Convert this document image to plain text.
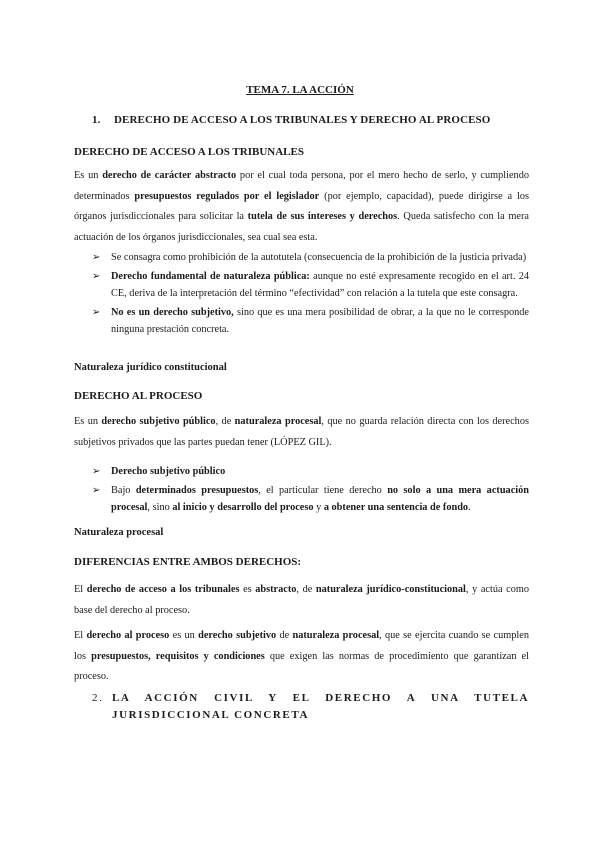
TEMA 7. LA ACCIÓN
1. DERECHO DE ACCESO A LOS TRIBUNALES Y DERECHO AL PROCESO
DERECHO DE ACCESO A LOS TRIBUNALES

Es un derecho de carácter abstracto por el cual toda persona, por el mero hecho de serlo, y cumpliendo determinados presupuestos regulados por el legislador (por ejemplo, capacidad), puede dirigirse a los órganos jurisdiccionales para solicitar la tutela de sus intereses y derechos. Queda satisfecho con la mera actuación de los órganos jurisdiccionales, sea cual sea esta.

➢ Se consagra como prohibición de la autotutela (consecuencia de la prohibición de la justicia privada)
➢ Derecho fundamental de naturaleza pública: aunque no esté expresamente recogido en el art. 24 CE, deriva de la interpretación del término “efectividad” con relación a la tutela que este consagra.
➢ No es un derecho subjetivo, sino que es una mera posibilidad de obrar, a la que no le corresponde ninguna prestación concreta.
Naturaleza jurídico constitucional
DERECHO AL PROCESO

Es un derecho subjetivo público, de naturaleza procesal, que no guarda relación directa con los derechos subjetivos privados que las partes puedan tener (LÓPEZ GIL).

➢ Derecho subjetivo público
➢ Bajo determinados presupuestos, el particular tiene derecho no solo a una mera actuación procesal, sino al inicio y desarrollo del proceso y a obtener una sentencia de fondo.
Naturaleza procesal
DIFERENCIAS ENTRE AMBOS DERECHOS:

El derecho de acceso a los tribunales es abstracto, de naturaleza jurídico-constitucional, y actúa como base del derecho al proceso.

El derecho al proceso es un derecho subjetivo de naturaleza procesal, que se ejercita cuando se cumplen los presupuestos, requisitos y condiciones que exigen las normas de procedimiento que garantizan el proceso.

2. LA ACCIÓN CIVIL Y EL DERECHO A UNA TUTELA JURISDICCIONAL CONCRETA
